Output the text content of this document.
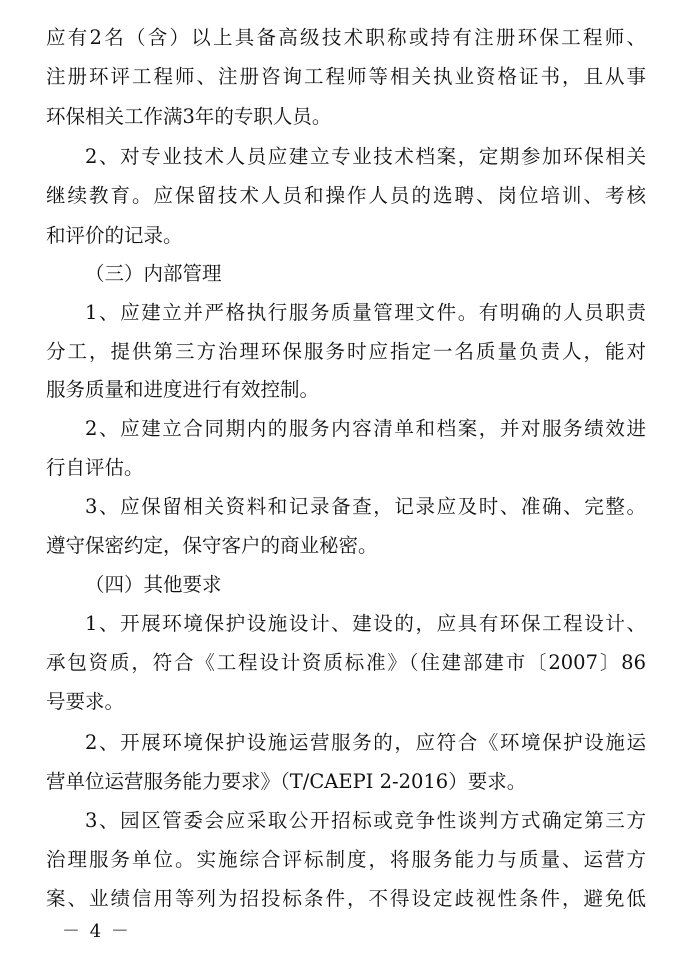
应有2名（含）以上具备高级技术职称或持有注册环保工程师、
注册环评工程师、注册咨询工程师等相关执业资格证书，且从事
环保相关工作满3年的专职人员。
2、对专业技术人员应建立专业技术档案，定期参加环保相关
继续教育。应保留技术人员和操作人员的选聘、岗位培训、考核
和评价的记录。
（三）内部管理
1、应建立并严格执行服务质量管理文件。有明确的人员职责
分工，提供第三方治理环保服务时应指定一名质量负责人，能对
服务质量和进度进行有效控制。
2、应建立合同期内的服务内容清单和档案，并对服务绩效进
行自评估。
3、应保留相关资料和记录备查，记录应及时、准确、完整。
遵守保密约定，保守客户的商业秘密。
（四）其他要求
1、开展环境保护设施设计、建设的，应具有环保工程设计、
承包资质，符合《工程设计资质标准》（住建部建市〔2007〕86
号要求。
2、开展环境保护设施运营服务的，应符合《环境保护设施运
营单位运营服务能力要求》（T/CAEPI 2-2016）要求。
3、园区管委会应采取公开招标或竞争性谈判方式确定第三方
治理服务单位。实施综合评标制度，将服务能力与质量、运营方
案、业绩信用等列为招投标条件，不得设定歧视性条件，避免低
－ 4 －
